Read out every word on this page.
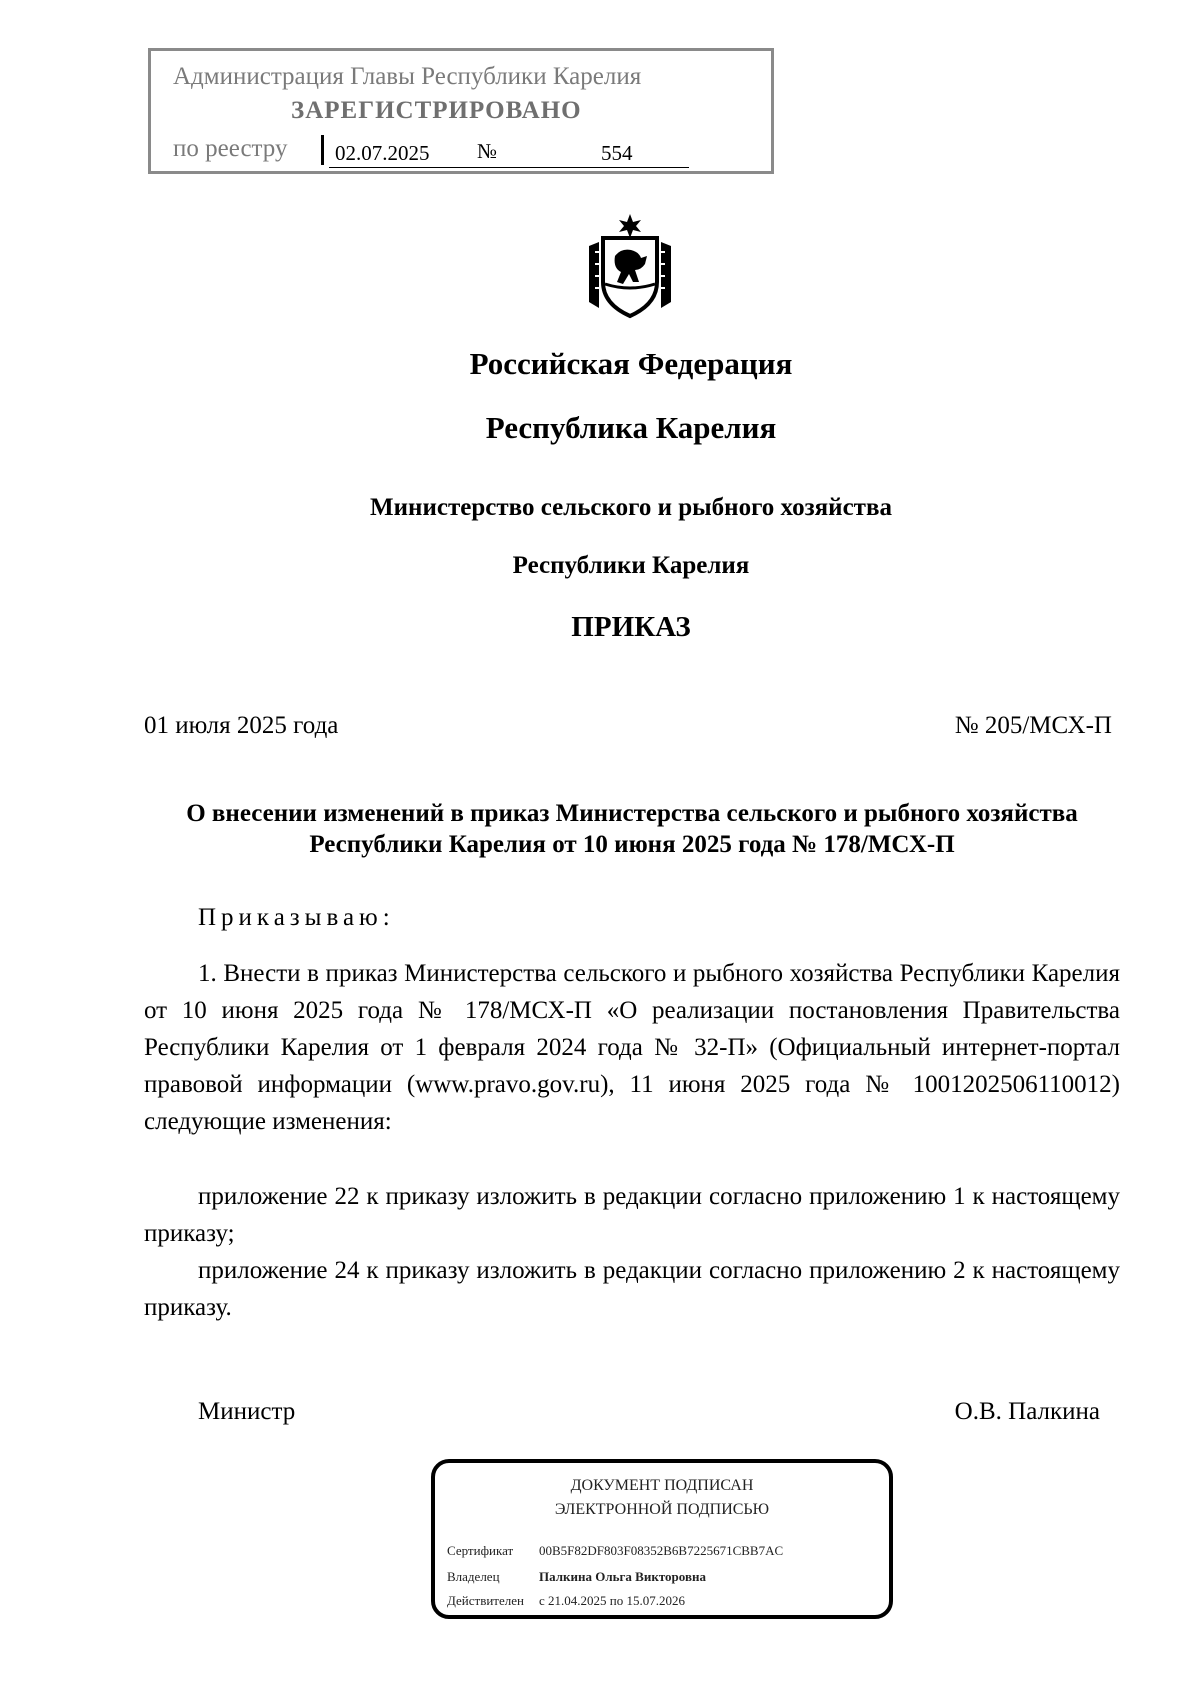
Администрация Главы Республики Карелия
ЗАРЕГИСТРИРОВАНО
по реестру 02.07.2025 №	554
Российская Федерация
Республика Карелия
Министерство сельского и рыбного хозяйства
Республики Карелия
ПРИКАЗ
01 июля 2025 года	№ 205/МСХ-П
О внесении изменений в приказ Министерства сельского и рыбного хозяйства Республики Карелия от 10 июня 2025 года № 178/МСХ-П
Приказываю:
1. Внести в приказ Министерства сельского и рыбного хозяйства Республики Карелия от 10 июня 2025 года № 178/МСХ-П «О реализации постановления Правительства Республики Карелия от 1 февраля 2024 года № 32-П» (Официальный интернет-портал правовой информации (www.pravo.gov.ru), 11 июня 2025 года № 1001202506110012) следующие изменения:
приложение 22 к приказу изложить в редакции согласно приложению 1 к настоящему приказу;
приложение 24 к приказу изложить в редакции согласно приложению 2 к настоящему приказу.
Министр	О.В. Палкина
ДОКУМЕНТ ПОДПИСАН
ЭЛЕКТРОННОЙ ПОДПИСЬЮ
Сертификат 00B5F82DF803F08352B6B7225671CBB7AC
Владелец	Палкина Ольга Викторовна
Действителен с 21.04.2025 по 15.07.2026
